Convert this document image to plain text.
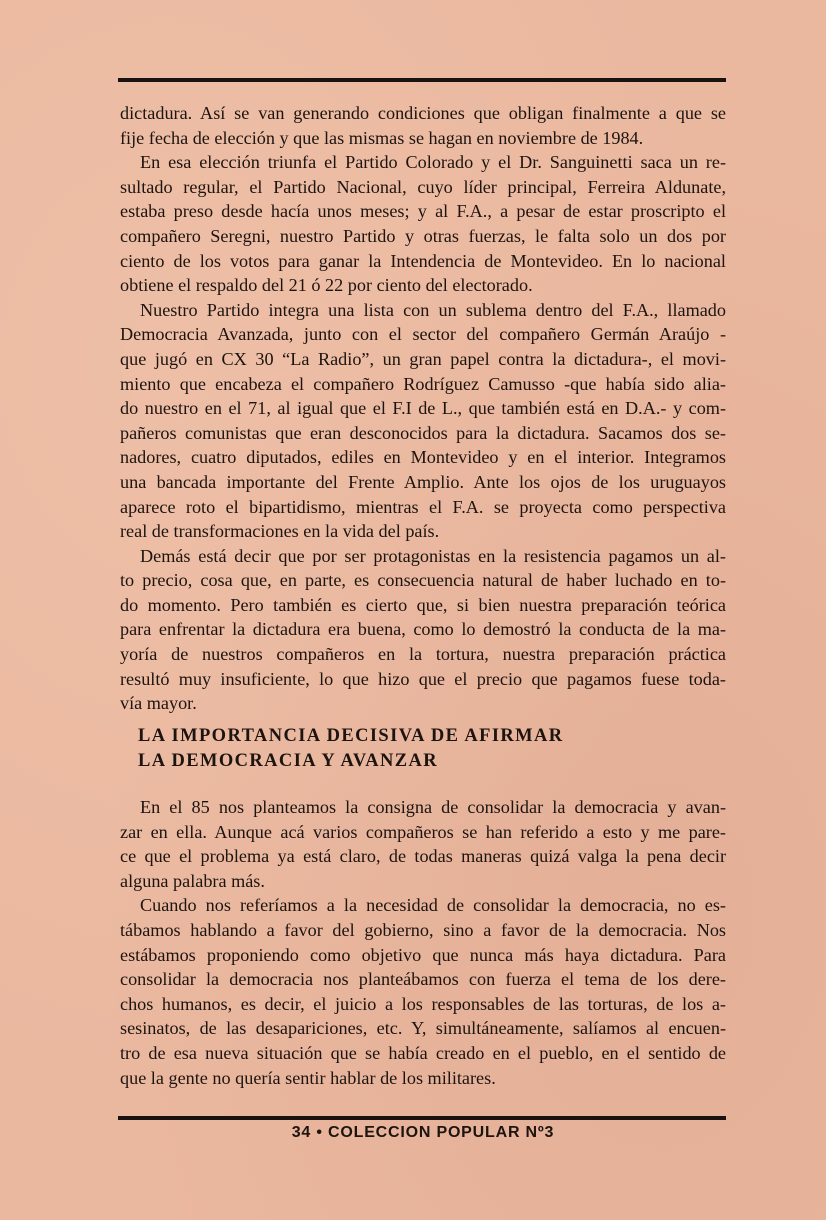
dictadura. Así se van generando condiciones que obligan finalmente a que se
fije fecha de elección y que las mismas se hagan en noviembre de 1984.
En esa elección triunfa el Partido Colorado y el Dr. Sanguinetti saca un re-
sultado regular, el Partido Nacional, cuyo líder principal, Ferreira Aldunate,
estaba preso desde hacía unos meses; y al F.A., a pesar de estar proscripto el
compañero Seregni, nuestro Partido y otras fuerzas, le falta solo un dos por
ciento de los votos para ganar la Intendencia de Montevideo. En lo nacional
obtiene el respaldo del 21 ó 22 por ciento del electorado.
Nuestro Partido integra una lista con un sublema dentro del F.A., llamado
Democracia Avanzada, junto con el sector del compañero Germán Araújo -
que jugó en CX 30 “La Radio”, un gran papel contra la dictadura-, el movi-
miento que encabeza el compañero Rodríguez Camusso -que había sido alia-
do nuestro en el 71, al igual que el F.I de L., que también está en D.A.- y com-
pañeros comunistas que eran desconocidos para la dictadura. Sacamos dos se-
nadores, cuatro diputados, ediles en Montevideo y en el interior. Integramos
una bancada importante del Frente Amplio. Ante los ojos de los uruguayos
aparece roto el bipartidismo, mientras el F.A. se proyecta como perspectiva
real de transformaciones en la vida del país.
Demás está decir que por ser protagonistas en la resistencia pagamos un al-
to precio, cosa que, en parte, es consecuencia natural de haber luchado en to-
do momento. Pero también es cierto que, si bien nuestra preparación teórica
para enfrentar la dictadura era buena, como lo demostró la conducta de la ma-
yoría de nuestros compañeros en la tortura, nuestra preparación práctica
resultó muy insuficiente, lo que hizo que el precio que pagamos fuese toda-
vía mayor.
LA IMPORTANCIA DECISIVA DE AFIRMAR
LA DEMOCRACIA Y AVANZAR
En el 85 nos planteamos la consigna de consolidar la democracia y avan-
zar en ella. Aunque acá varios compañeros se han referido a esto y me pare-
ce que el problema ya está claro, de todas maneras quizá valga la pena decir
alguna palabra más.
Cuando nos referíamos a la necesidad de consolidar la democracia, no es-
tábamos hablando a favor del gobierno, sino a favor de la democracia. Nos
estábamos proponiendo como objetivo que nunca más haya dictadura. Para
consolidar la democracia nos planteábamos con fuerza el tema de los dere-
chos humanos, es decir, el juicio a los responsables de las torturas, de los a-
sesinatos, de las desapariciones, etc. Y, simultáneamente, salíamos al encuen-
tro de esa nueva situación que se había creado en el pueblo, en el sentido de
que la gente no quería sentir hablar de los militares.
34 • COLECCION POPULAR Nº3
